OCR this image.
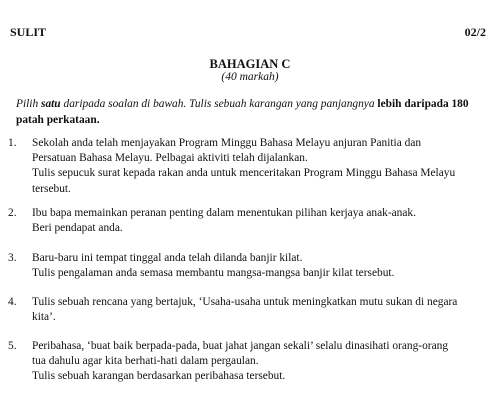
SULIT	02/2
BAHAGIAN C
(40 markah)
Pilih satu daripada soalan di bawah. Tulis sebuah karangan yang panjangnya lebih daripada 180 patah perkataan.
1.	Sekolah anda telah menjayakan Program Minggu Bahasa Melayu anjuran Panitia dan
Persatuan Bahasa Melayu. Pelbagai aktiviti telah dijalankan.
Tulis sepucuk surat kepada rakan anda untuk menceritakan Program Minggu Bahasa Melayu
tersebut.
2.	Ibu bapa memainkan peranan penting dalam menentukan pilihan kerjaya anak-anak.
Beri pendapat anda.
3.	Baru-baru ini tempat tinggal anda telah dilanda banjir kilat.
Tulis pengalaman anda semasa membantu mangsa-mangsa banjir kilat tersebut.
4.	Tulis sebuah rencana yang bertajuk, ‘Usaha-usaha untuk meningkatkan mutu sukan di negara
kita’.
5.	Peribahasa, ‘buat baik berpada-pada, buat jahat jangan sekali’ selalu dinasihati orang-orang
tua dahulu agar kita berhati-hati dalam pergaulan.
Tulis sebuah karangan berdasarkan peribahasa tersebut.
